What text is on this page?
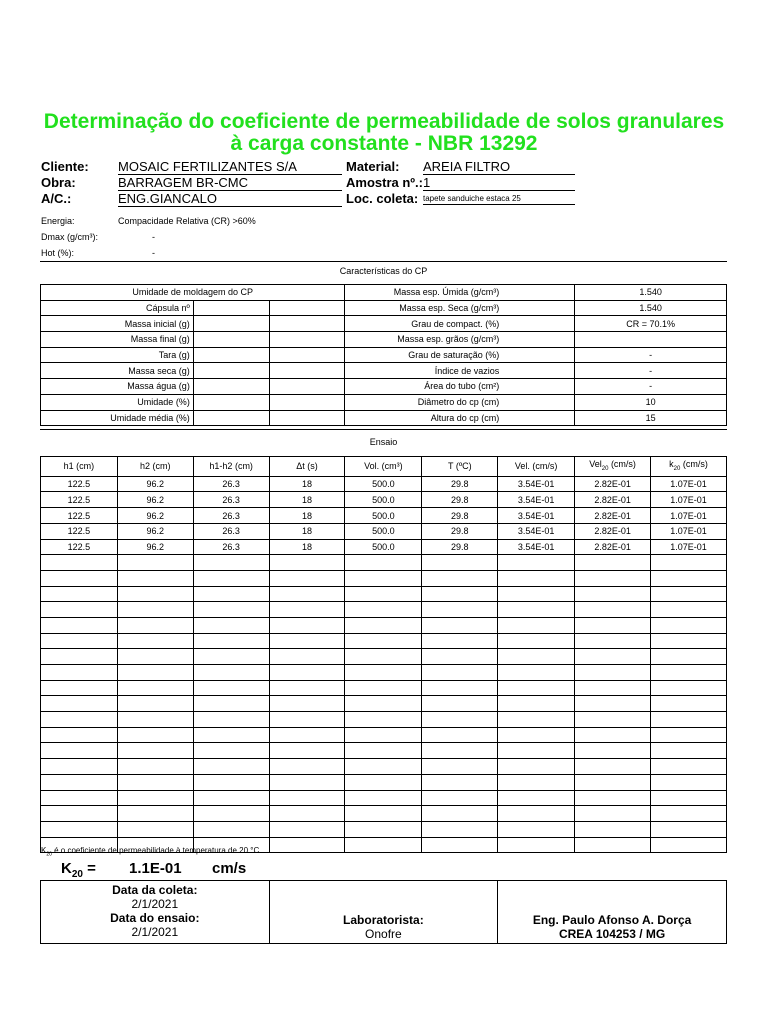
Determinação do coeficiente de permeabilidade de solos granulares
à carga constante - NBR 13292
Cliente: MOSAIC FERTILIZANTES S/A
Obra:	BARRAGEM BR-CMC
A/C.:	ENG.GIANCALO
Material: AREIA FILTRO
Amostra nº.: 1
Loc. coleta: tapete sanduiche estaca 25
Energia:	Compacidade Relativa (CR) >60%
Dmax (g/cm³):	-
Hot (%):	-
Características do CP
Umidade de moldagem do CP			Massa esp. Úmida (g/cm³)	1.540
Cápsula nº			Massa esp. Seca (g/cm³)	1.540
Massa inicial (g)			Grau de compact. (%)	CR = 70.1%
Massa final (g)			Massa esp. grãos (g/cm³)	
Tara (g)			Grau de saturação (%)	-
Massa seca (g)			Índice de vazios	-
Massa água (g)			Área do tubo (cm²)	-
Umidade (%)			Diâmetro do cp (cm)	10
Umidade média (%)			Altura do cp (cm)	15
Ensaio
h1 (cm)	h2 (cm)	h1-h2 (cm)	Δt (s)	Vol. (cm³)	T (ºC)	Vel. (cm/s)	Vel$_{20}$ (cm/s)	$k_{20}$ (cm/s)
122.5	96.2	26.3	18	500.0	29.8	3.54E-01	2.82E-01	1.07E-01
122.5	96.2	26.3	18	500.0	29.8	3.54E-01	2.82E-01	1.07E-01
122.5	96.2	26.3	18	500.0	29.8	3.54E-01	2.82E-01	1.07E-01
122.5	96.2	26.3	18	500.0	29.8	3.54E-01	2.82E-01	1.07E-01
122.5	96.2	26.3	18	500.0	29.8	3.54E-01	2.82E-01	1.07E-01

$K_{20}$ é o coeficiente de permeabilidade à temperatura de 20 °C
$K_{20} = 1.1E-01$ cm/s
Data da coleta:
2/1/2021
Data do ensaio:
2/1/2021

Laboratorista:
Onofre

Eng. Paulo Afonso A. Dorça
CREA 104253 / MG
